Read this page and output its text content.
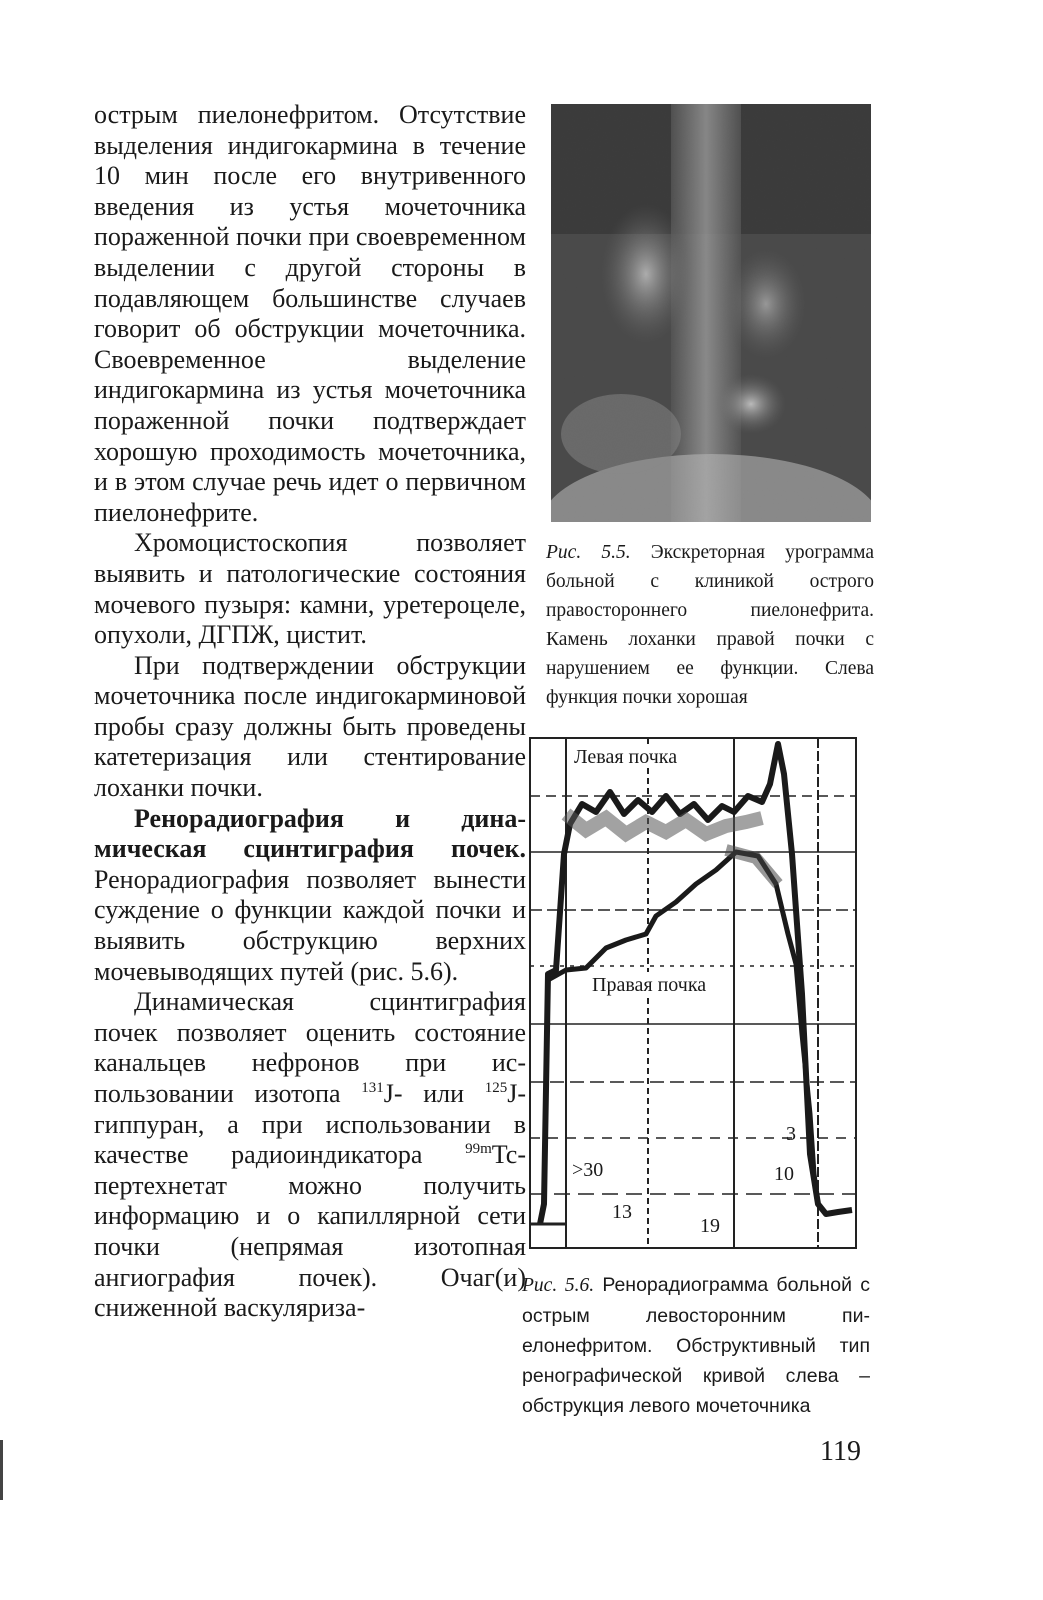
острым пиелонефритом. Отсутствие выделения индигокармина в течение 10 мин после его внутривенного введения из устья мочеточника пораженной почки при своевременном выделении с другой стороны в подавляющем большинстве случаев говорит об обструкции мочеточника. Своевременное выделение индигокармина из устья мочеточника пораженной почки подтверждает хорошую проходимость мочеточника, и в этом случае речь идет о первичном пиелонефрите.

Хромоцистоскопия позволяет выявить и патологические состояния мочевого пузыря: камни, уретероцеле, опухоли, ДГПЖ, цистит.

При подтверждении обструкции мочеточника после индигокарминовой пробы сразу должны быть проведены катетеризация или стентирование лоханки почки.

Ренорадиография и динамическая сцинтиграфия почек. Ренорадиография позволяет вынести суждение о функции каждой почки и выявить обструкцию верхних мочевыводящих путей (рис. 5.6).

Динамическая сцинтиграфия почек позволяет оценить состояние канальцев нефронов при использовании изотопа $^{131}$J- или $^{125}$J-гиппуран, а при использовании в качестве радиоиндикатора $^{99m}$Tc-пертехнетат можно получить информацию и о капиллярной сети почки (непрямая изотопная ангиография почек). Очаг(и) сниженной васкуляриза-

Рис. 5.5. Экскреторная урограмма больной с клиникой острого правостороннего пиелонефрита. Камень лоханки правой почки с нарушением ее функции. Слева функция почки хорошая
Левая почка
Правая почка
>30
13
19
10
3
Рис. 5.6. Ренорадиограмма больной с острым левосторонним пиелонефритом. Обструктивный тип ренографической кривой слева – обструкция левого мочеточника
119
